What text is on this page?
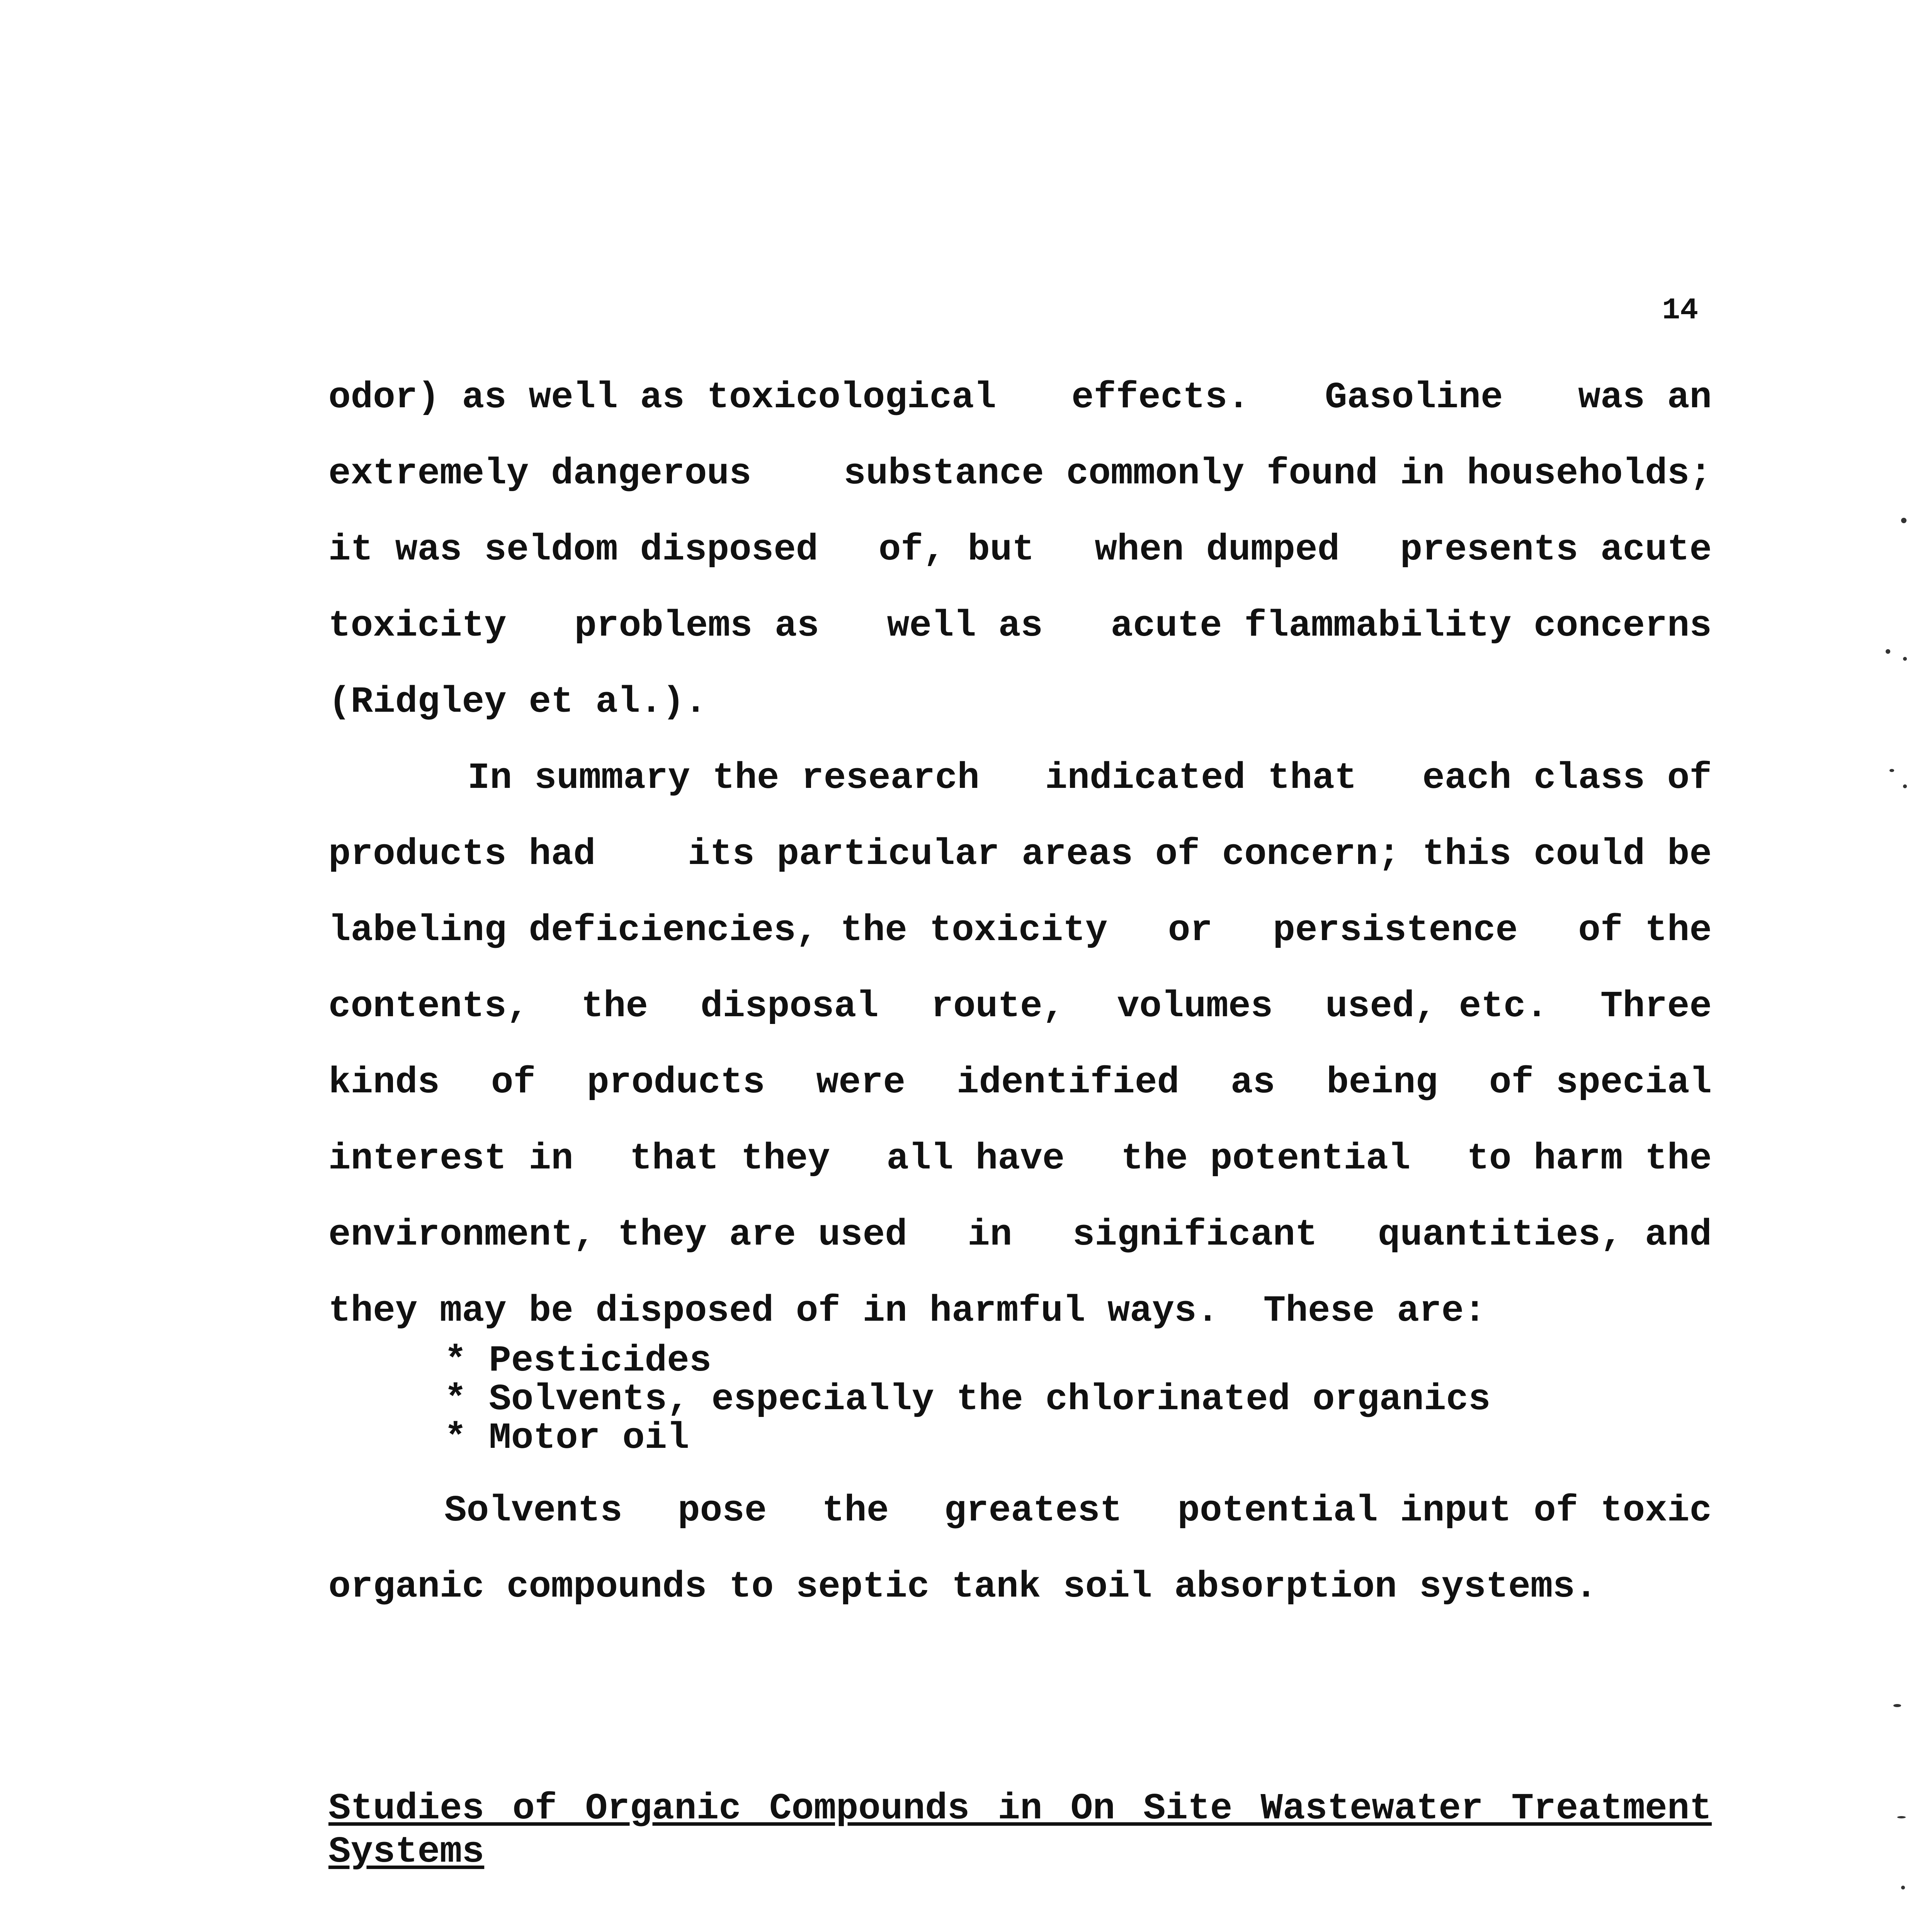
14
odor) as well as toxicological effects. Gasoline was an
extremely dangerous substance commonly found in households;
it was seldom disposed of, but when dumped presents acute
toxicity problems as well as acute flammability concerns
(Ridgley et al.).
In summary the research indicated that each class of
products had its particular areas of concern; this could be
labeling deficiencies, the toxicity or persistence of the
contents, the disposal route, volumes used, etc. Three
kinds of products were identified as being of special
interest in that they all have the potential to harm the
environment, they are used in significant quantities, and
they may be disposed of in harmful ways.
These are:
* Pesticides
* Solvents, especially the chlorinated organics
* Motor oil
Solvents pose the greatest potential input of toxic
organic compounds to septic tank soil absorption systems.
Studies of Organic Compounds in On Site Wastewater Treatment Systems
